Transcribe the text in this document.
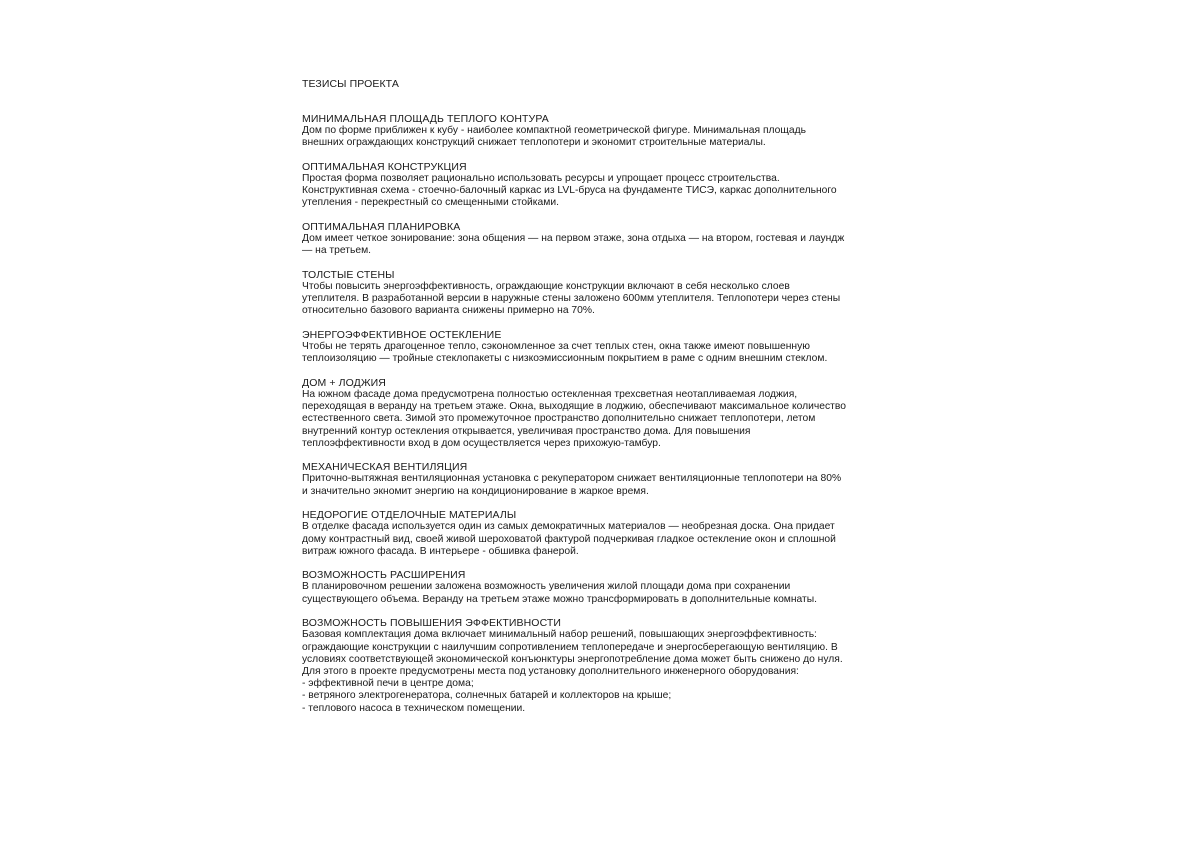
ТЕЗИСЫ ПРОЕКТА
МИНИМАЛЬНАЯ ПЛОЩАДЬ ТЕПЛОГО КОНТУРА
Дом по форме приближен к кубу - наиболее компактной геометрической фигуре. Минимальная площадь
внешних ограждающих конструкций снижает теплопотери и экономит строительные материалы.
ОПТИМАЛЬНАЯ КОНСТРУКЦИЯ
Простая форма позволяет рационально использовать ресурсы и упрощает процесс строительства.
Конструктивная схема - стоечно-балочный каркас из LVL-бруса на фундаменте ТИСЭ, каркас дополнительного
утепления - перекрестный со смещенными стойками.
ОПТИМАЛЬНАЯ ПЛАНИРОВКА
Дом имеет четкое зонирование: зона общения — на первом этаже, зона отдыха — на втором, гостевая и лаундж
— на третьем.
ТОЛСТЫЕ СТЕНЫ
Чтобы повысить энергоэффективность, ограждающие конструкции включают в себя несколько слоев
утеплителя. В разработанной версии в наружные стены заложено 600мм утеплителя. Теплопотери через стены
относительно базового варианта снижены примерно на 70%.
ЭНЕРГОЭФФЕКТИВНОЕ ОСТЕКЛЕНИЕ
Чтобы не терять драгоценное тепло, сэкономленное за счет теплых стен, окна также имеют повышенную
теплоизоляцию — тройные стеклопакеты с низкоэмиссионным покрытием в раме с одним внешним стеклом.
ДОМ + ЛОДЖИЯ
На южном фасаде дома предусмотрена полностью остекленная трехсветная неотапливаемая лоджия,
переходящая в веранду на третьем этаже. Окна, выходящие в лоджию, обеспечивают максимальное количество
естественного света. Зимой это промежуточное пространство дополнительно снижает теплопотери, летом
внутренний контур остекления открывается, увеличивая пространство дома. Для повышения
теплоэффективности вход в дом осуществляется через прихожую-тамбур.
МЕХАНИЧЕСКАЯ ВЕНТИЛЯЦИЯ
Приточно-вытяжная вентиляционная установка с рекуператором снижает вентиляционные теплопотери на 80%
и значительно экномит энергию на кондиционирование в жаркое время.
НЕДОРОГИЕ ОТДЕЛОЧНЫЕ МАТЕРИАЛЫ
В отделке фасада используется один из самых демократичных материалов — необрезная доска. Она придает
дому контрастный вид, своей живой шероховатой фактурой подчеркивая гладкое остекление окон и сплошной
витраж южного фасада. В интерьере - обшивка фанерой.
ВОЗМОЖНОСТЬ РАСШИРЕНИЯ
В планировочном решении заложена возможность увеличения жилой площади дома при сохранении
существующего объема. Веранду на третьем этаже можно трансформировать в дополнительные комнаты.
ВОЗМОЖНОСТЬ ПОВЫШЕНИЯ ЭФФЕКТИВНОСТИ
Базовая комплектация дома включает минимальный набор решений, повышающих энергоэффективность:
ограждающие конструкции с наилучшим сопротивлением теплопередаче и энергосберегающую вентиляцию. В
условиях соответствующей экономической конъюнктуры энергопотребление дома может быть снижено до нуля.
Для этого в проекте предусмотрены места под установку дополнительного инженерного оборудования:
- эффективной печи в центре дома;
- ветряного электрогенератора, солнечных батарей и коллекторов на крыше;
- теплового насоса в техническом помещении.
